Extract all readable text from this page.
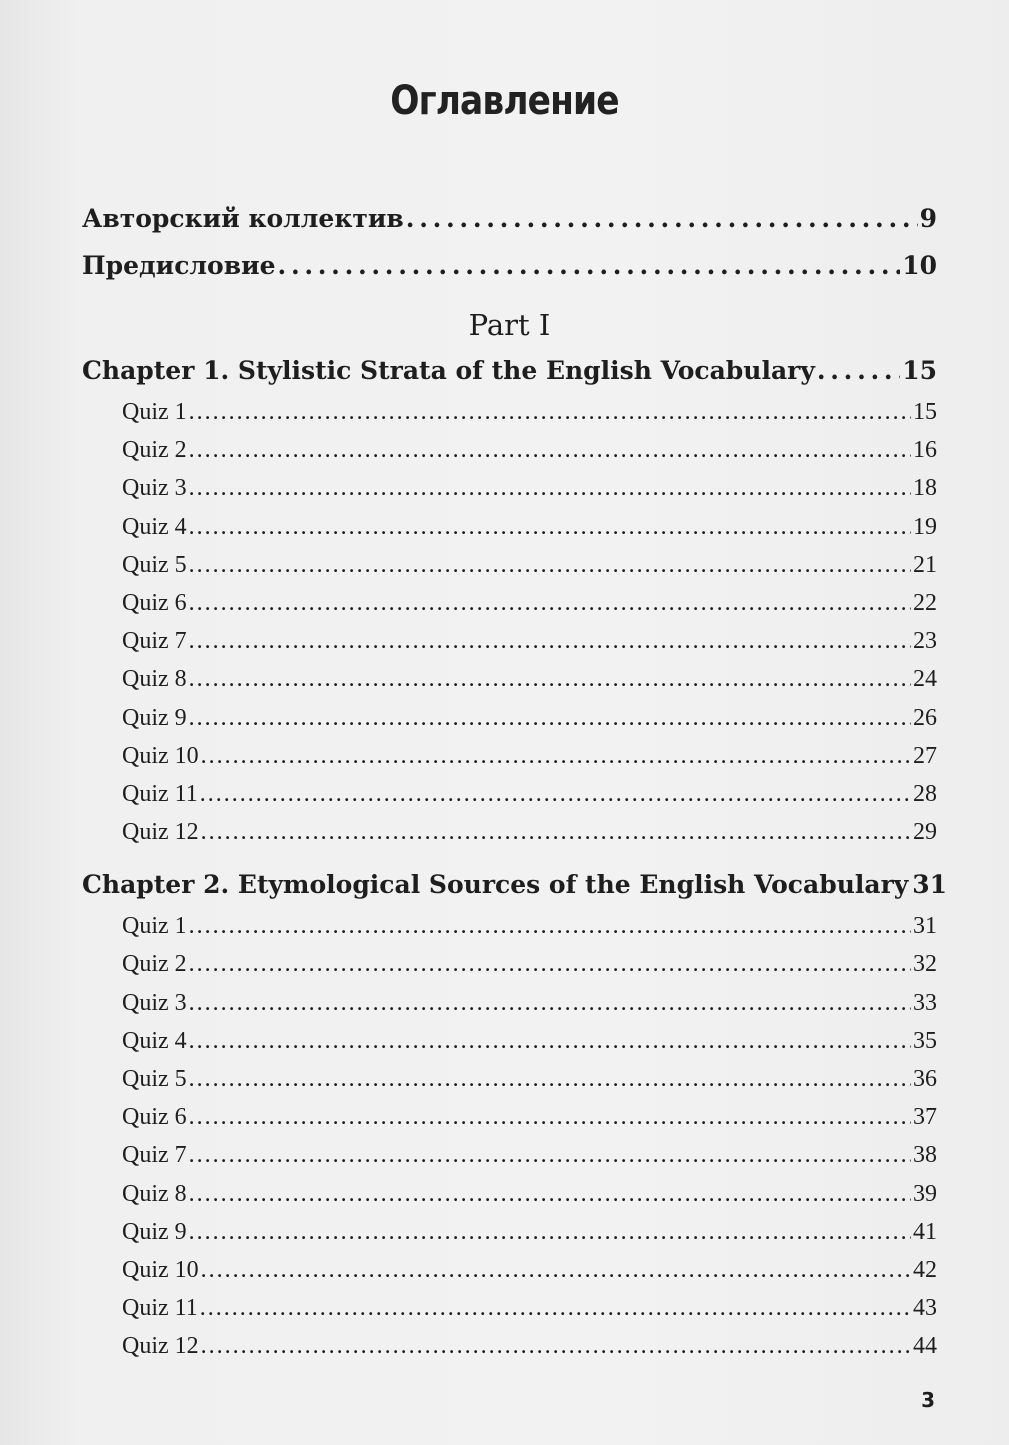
Оглавление
Авторский коллектив . . .	9
Предисловие . . .	10
Part I
Chapter 1. Stylistic Strata of the English Vocabulary . . .	15
Quiz 1 . . .	15
Quiz 2 . . .	16
Quiz 3 . . .	18
Quiz 4 . . .	19
Quiz 5 . . .	21
Quiz 6 . . .	22
Quiz 7 . . .	23
Quiz 8 . . .	24
Quiz 9 . . .	26
Quiz 10 . . .	27
Quiz 11 . . .	28
Quiz 12 . . .	29
Chapter 2. Etymological Sources of the English Vocabulary 31
Quiz 1 . . .	31
Quiz 2 . . .	32
Quiz 3 . . .	33
Quiz 4 . . .	35
Quiz 5 . . .	36
Quiz 6 . . .	37
Quiz 7 . . .	38
Quiz 8 . . .	39
Quiz 9 . . .	41
Quiz 10 . . .	42
Quiz 11 . . .	43
Quiz 12 . . .	44
3
